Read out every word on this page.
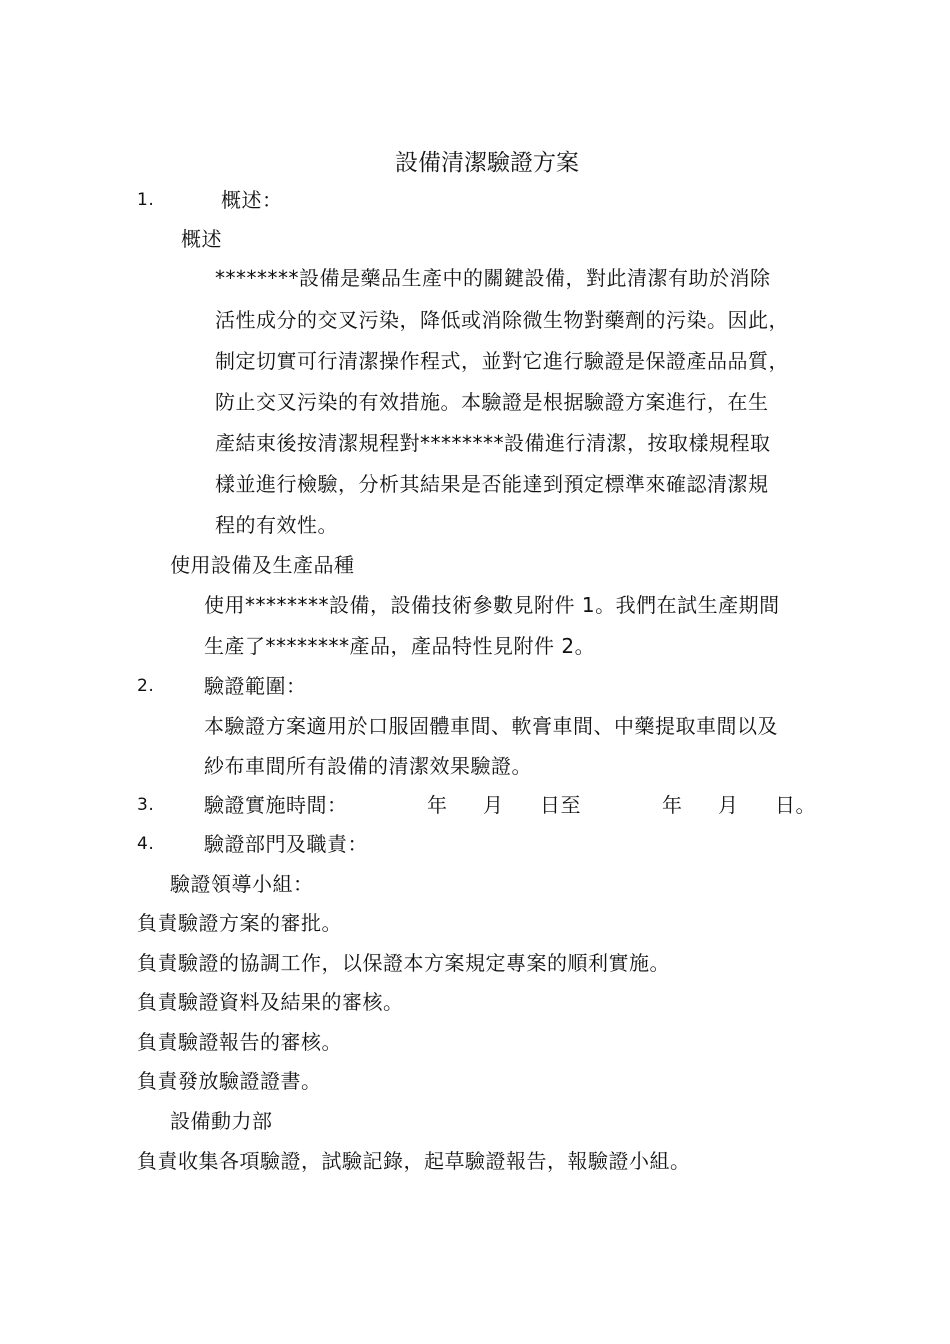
設備清潔驗證方案
1.	概述：
概述
********設備是藥品生產中的關鍵設備，對此清潔有助於消除
活性成分的交叉污染，降低或消除微生物對藥劑的污染。因此，
制定切實可行清潔操作程式，並對它進行驗證是保證產品品質，
防止交叉污染的有效措施。本驗證是根据驗證方案進行，在生
產結束後按清潔規程對********設備進行清潔，按取樣規程取
樣並進行檢驗，分析其結果是否能達到預定標準來確認清潔規
程的有效性。
使用設備及生產品種
使用********設備，設備技術參數見附件 1。我們在試生產期間
生產了********產品，產品特性見附件 2。
2. 驗證範圍：
本驗證方案適用於口服固體車間、軟膏車間、中藥提取車間以及
紗布車間所有設備的清潔效果驗證。
3. 驗證實施時間：	年 月 日至	年 月 日。
4. 驗證部門及職責：
驗證領導小組：
負責驗證方案的審批。
負責驗證的協調工作，以保證本方案規定專案的順利實施。
負責驗證資料及結果的審核。
負責驗證報告的審核。
負責發放驗證證書。
設備動力部
負責收集各項驗證，試驗記錄，起草驗證報告，報驗證小組。
